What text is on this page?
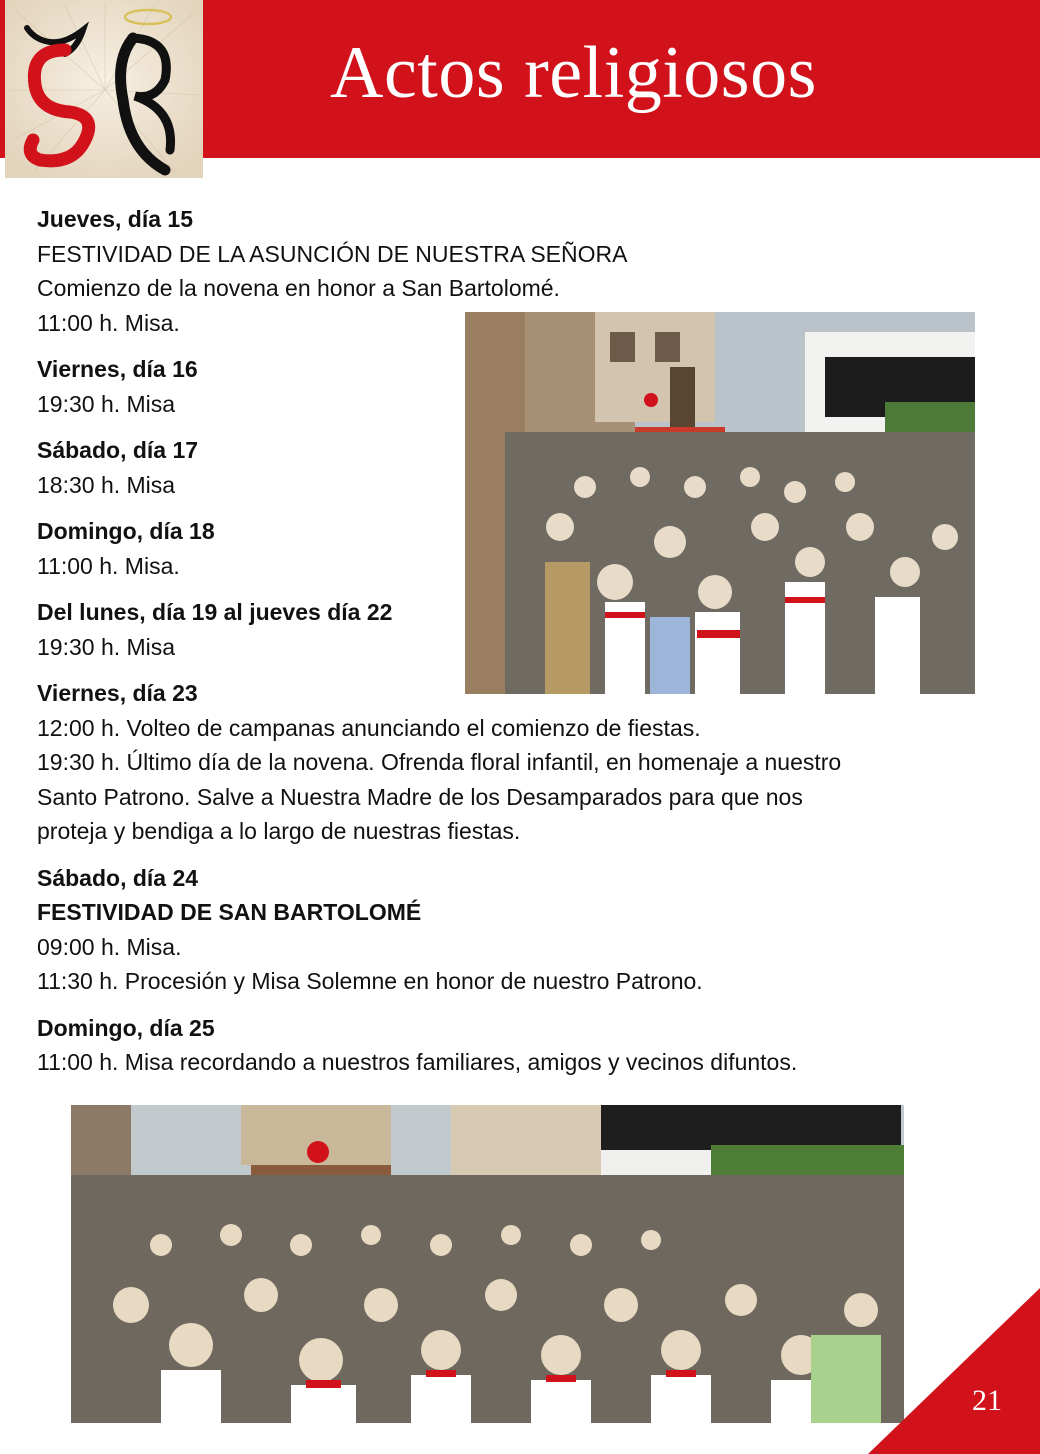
Actos religiosos
Jueves, día 15
FESTIVIDAD DE LA ASUNCIÓN DE NUESTRA SEÑORA
Comienzo de la novena en honor a San Bartolomé.
11:00 h. Misa.
Viernes, día 16
19:30 h. Misa
Sábado, día 17
18:30 h. Misa
Domingo, día 18
11:00 h. Misa.
Del lunes, día 19 al jueves día 22
19:30 h. Misa
Viernes, día 23
12:00 h. Volteo de campanas anunciando el comienzo de fiestas.
19:30 h. Último día de la novena. Ofrenda floral infantil, en homenaje a nuestro
Santo Patrono. Salve a Nuestra Madre de los Desamparados para que nos
proteja y bendiga a lo largo de nuestras fiestas.
Sábado, día 24
FESTIVIDAD DE SAN BARTOLOMÉ
09:00 h. Misa.
11:30 h. Procesión y Misa Solemne en honor de nuestro Patrono.
Domingo, día 25
11:00 h. Misa recordando a nuestros familiares, amigos y vecinos difuntos.
21
